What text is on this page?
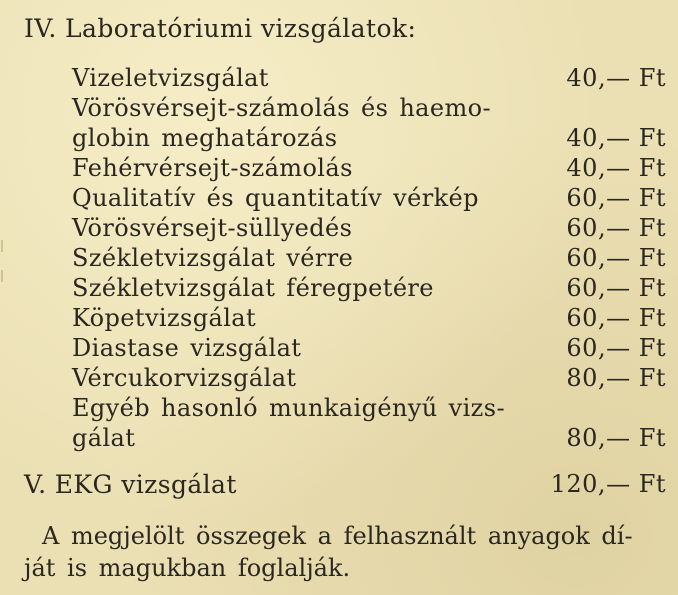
IV. Laboratóriumi vizsgálatok:
Vizeletvizsgálat	40,— Ft
Vörösvérsejt-számolás és haemo-
globin meghatározás	40,— Ft
Fehérvérsejt-számolás	40,— Ft
Qualitatív és quantitatív vérkép	60,— Ft
Vörösvérsejt-süllyedés	60,— Ft
Székletvizsgálat vérre	60,— Ft
Székletvizsgálat féregpetére	60,— Ft
Köpetvizsgálat	60,— Ft
Diastase vizsgálat	60,— Ft
Vércukorvizsgálat	80,— Ft
Egyéb hasonló munkaigényű vizs-
gálat	80,— Ft
V. EKG vizsgálat	120,— Ft
A megjelölt összegek a felhasznált anyagok dí-
ját is magukban foglalják.
